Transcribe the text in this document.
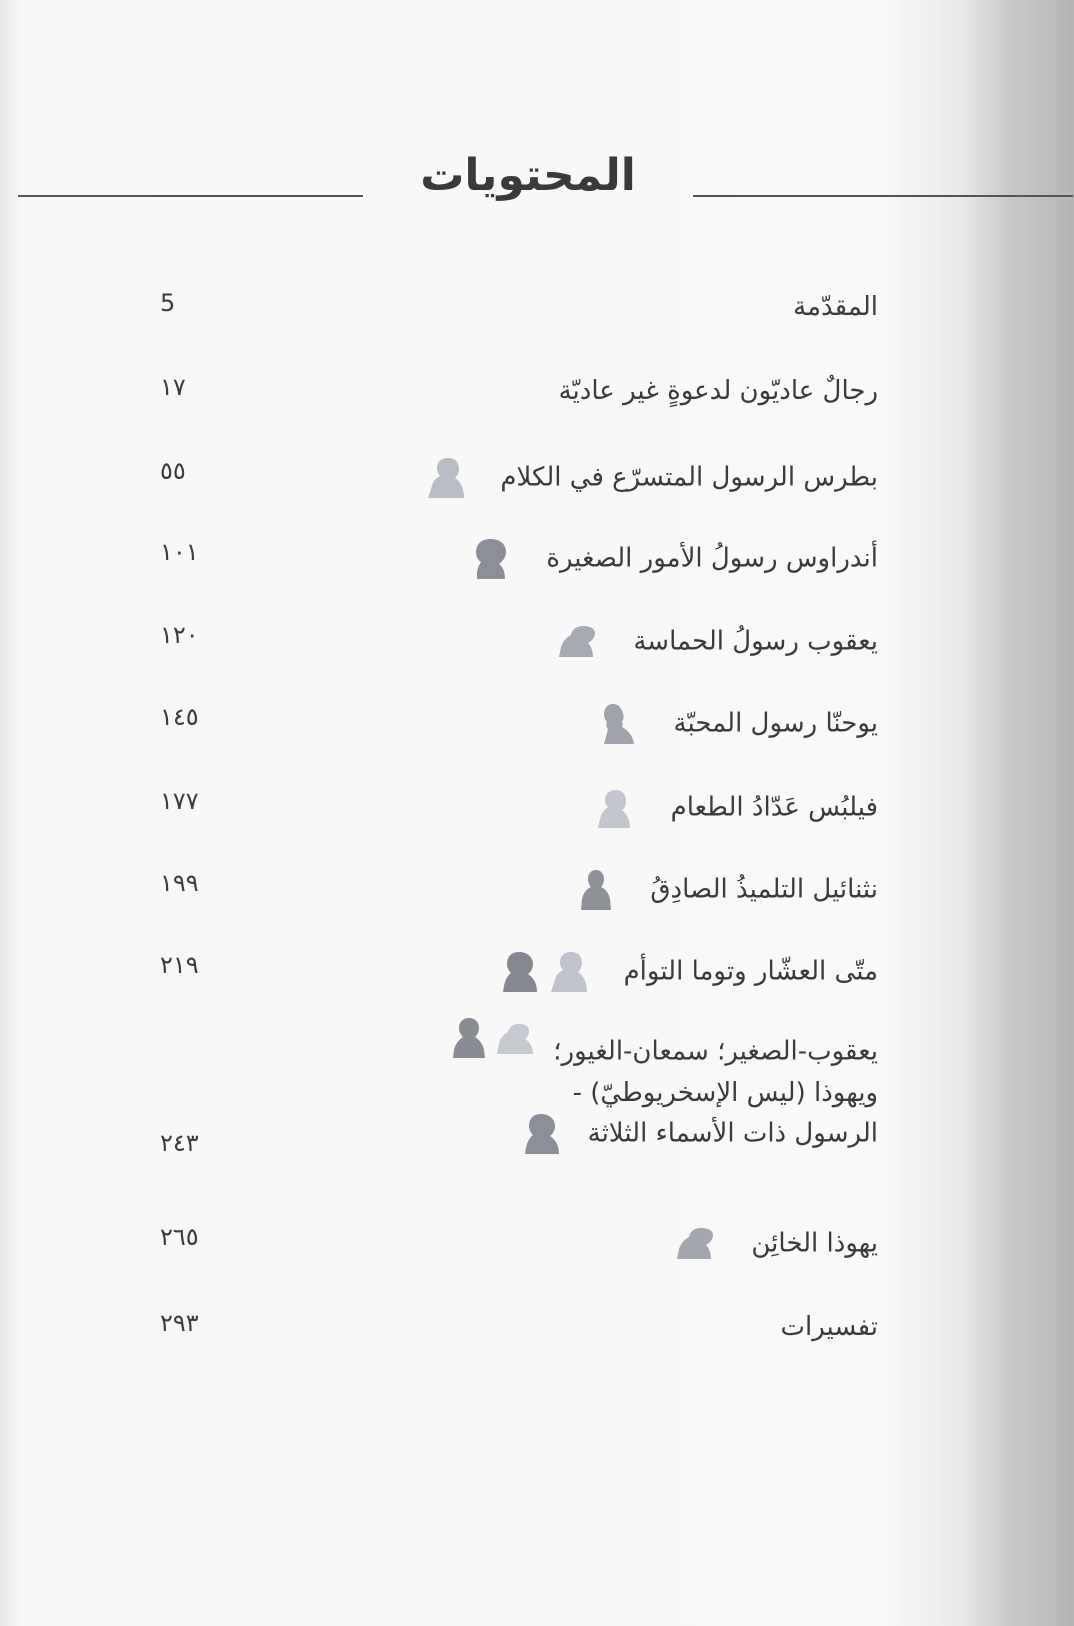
المحتويات
المقدّمة
5
رجالٌ عاديّون لدعوةٍ غير عاديّة
١٧
بطرس الرسول المتسرّع في الكلام
٥٥
أندراوس رسولُ الأمور الصغيرة
١٠١
يعقوب رسولُ الحماسة
١٢٠
يوحنّا رسول المحبّة
١٤٥
فيلبُس عَدّادُ الطعام
١٧٧
نثنائيل التلميذُ الصادِقُ
١٩٩
متّى العشّار وتوما التوأم
٢١٩
يعقوب-الصغير؛ سمعان-الغيور؛
ويهوذا (ليس الإسخريوطيّ) -
الرسول ذات الأسماء الثلاثة
٢٤٣
يهوذا الخائِن
٢٦٥
تفسيرات
٢٩٣
